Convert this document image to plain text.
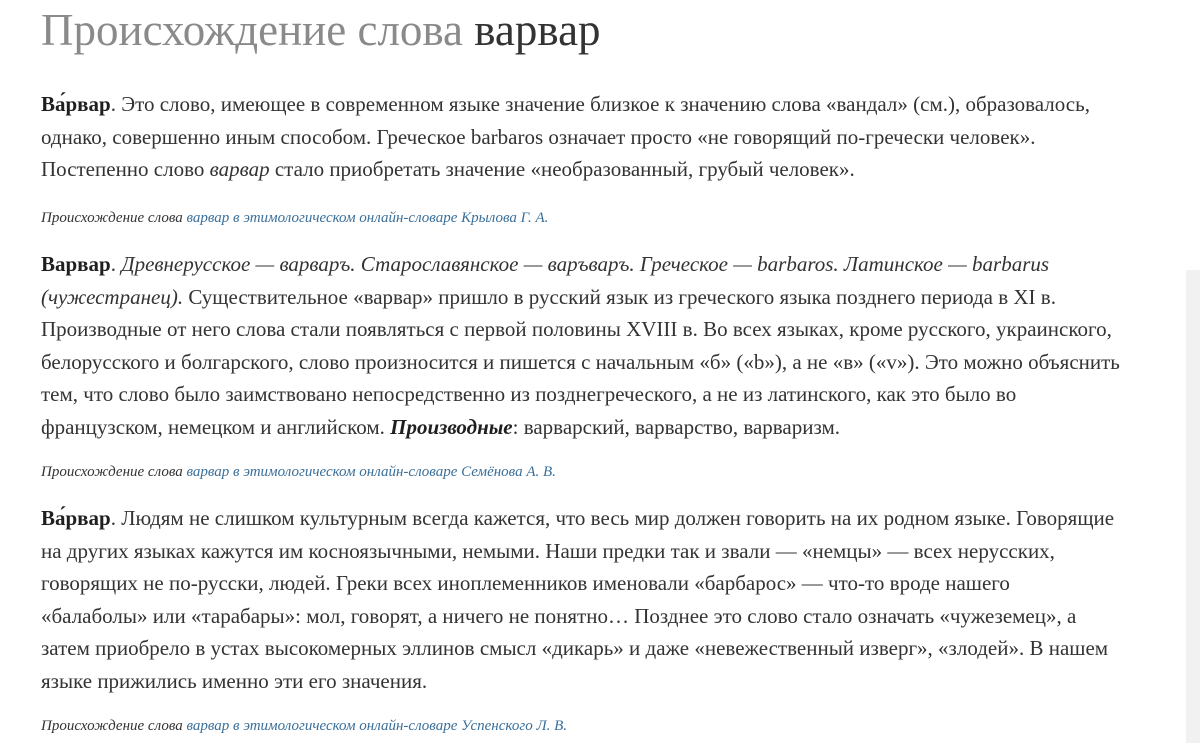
Происхождение слова варвар

Ва́рвар. Это слово, имеющее в современном языке значение близкое к значению слова «вандал» (см.), образовалось, однако, совершенно иным способом. Греческое barbaros означает просто «не говорящий по-гречески человек». Постепенно слово варвар стало приобретать значение «необразованный, грубый человек».

Происхождение слова варвар в этимологическом онлайн-словаре Крылова Г. А.

Варвар. Древнерусское — варваръ. Старославянское — варъваръ. Греческое — barbaros. Латинское — barbarus (чужестранец). Существительное «варвар» пришло в русский язык из греческого языка позднего периода в XI в. Производные от него слова стали появляться с первой половины XVIII в. Во всех языках, кроме русского, украинского, белорусского и болгарского, слово произносится и пишется с начальным «б» («b»), а не «в» («v»). Это можно объяснить тем, что слово было заимствовано непосредственно из позднегреческого, а не из латинского, как это было во французском, немецком и английском. Производные: варварский, варварство, варваризм.

Происхождение слова варвар в этимологическом онлайн-словаре Семёнова А. В.

Ва́рвар. Людям не слишком культурным всегда кажется, что весь мир должен говорить на их родном языке. Говорящие на других языках кажутся им косноязычными, немыми. Наши предки так и звали — «немцы» — всех нерусских, говорящих не по-русски, людей. Греки всех иноплеменников именовали «барбарос» — что-то вроде нашего «балаболы» или «тарабары»: мол, говорят, а ничего не понятно… Позднее это слово стало означать «чужеземец», а затем приобрело в устах высокомерных эллинов смысл «дикарь» и даже «невежественный изверг», «злодей». В нашем языке прижились именно эти его значения.

Происхождение слова варвар в этимологическом онлайн-словаре Успенского Л. В.
